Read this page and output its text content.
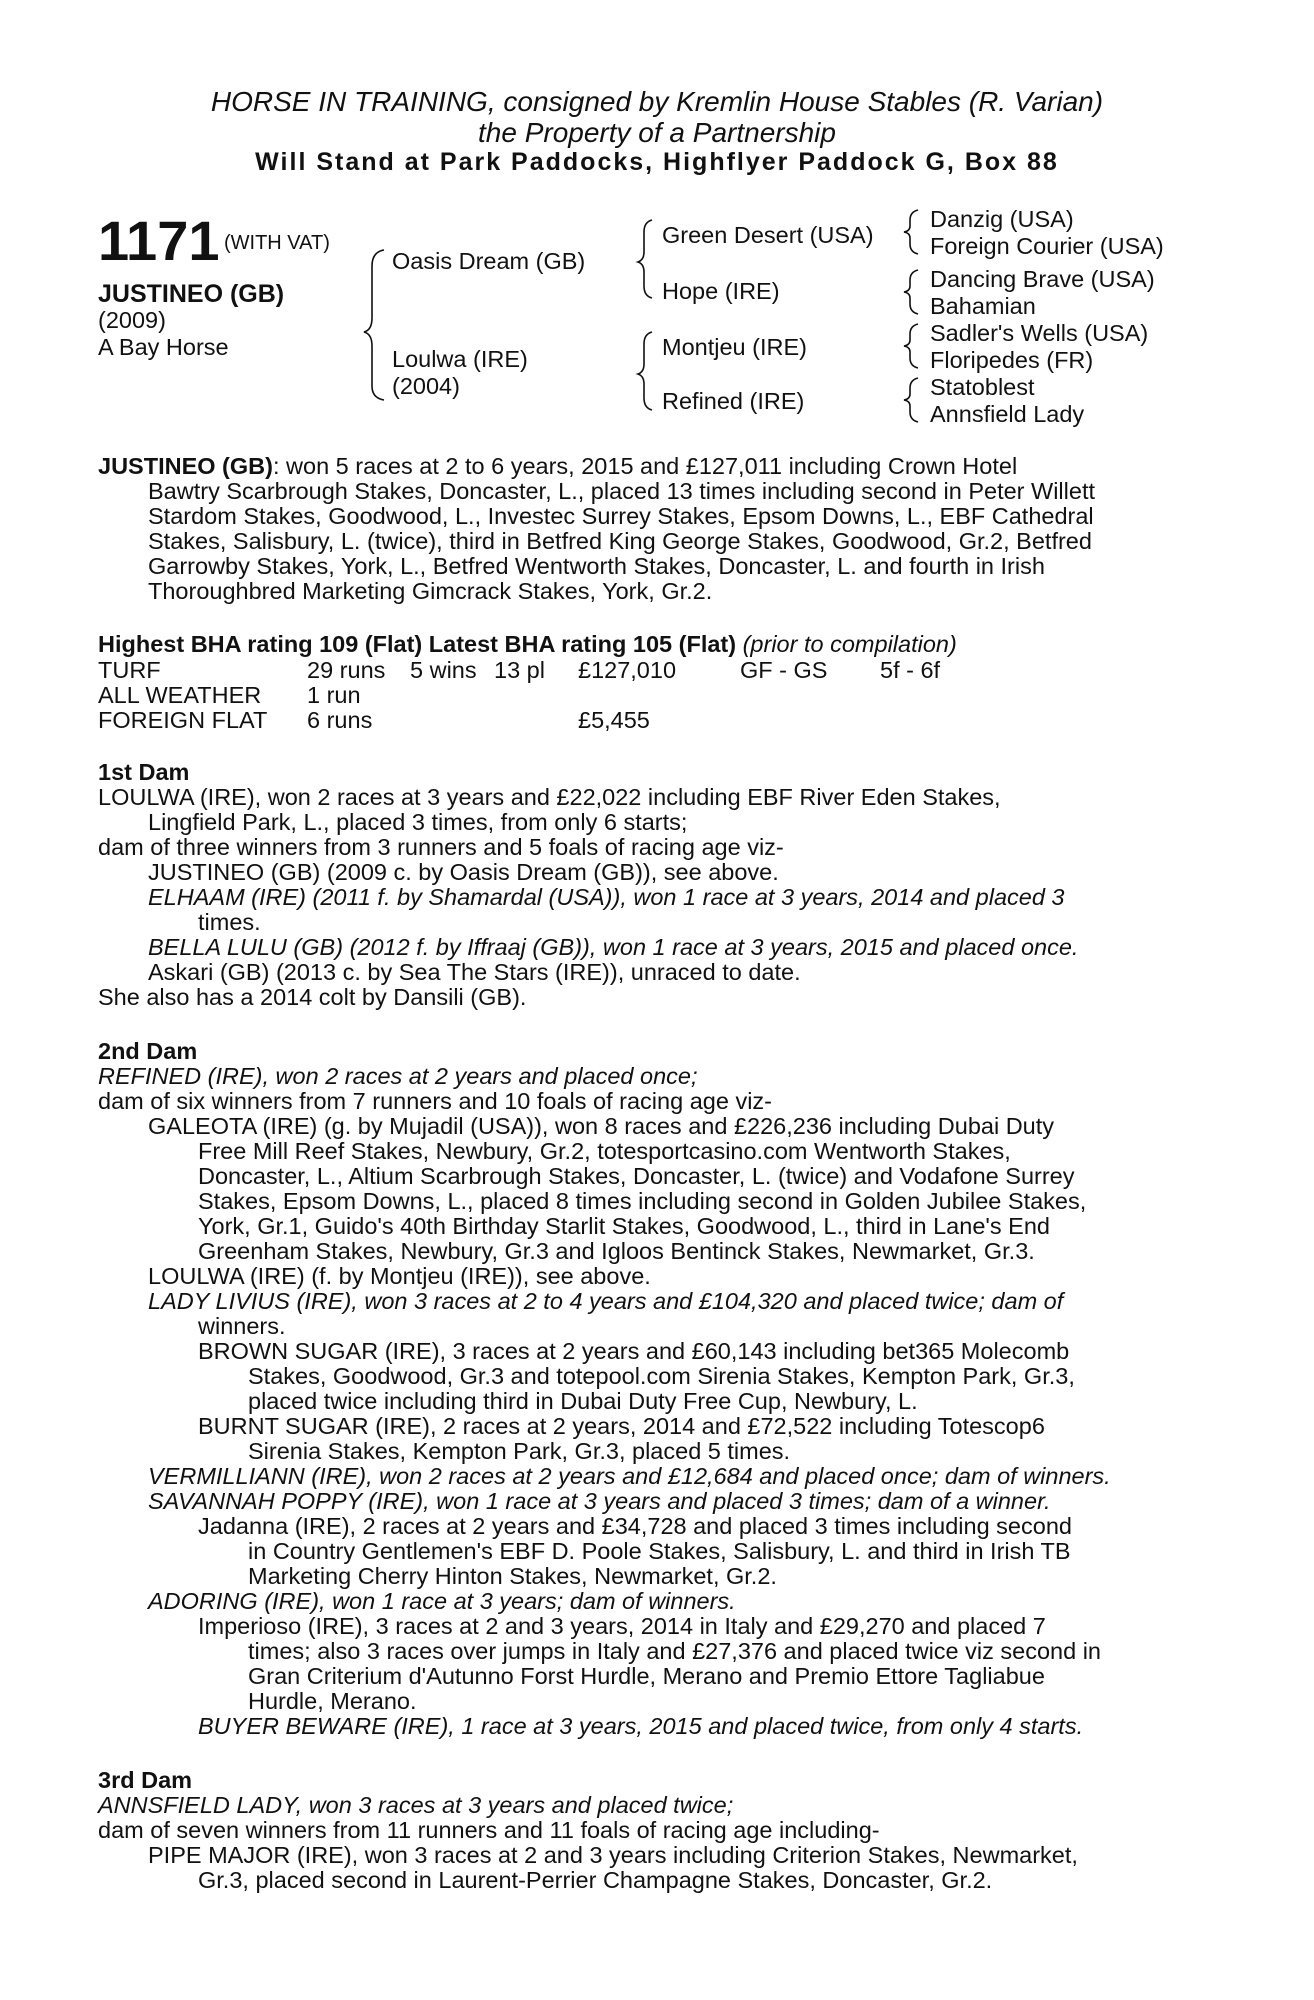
HORSE IN TRAINING, consigned by Kremlin House Stables (R. Varian)
the Property of a Partnership
Will Stand at Park Paddocks, Highflyer Paddock G, Box 88
1171 (WITH VAT)
JUSTINEO (GB)
(2009)
A Bay Horse
Oasis Dream (GB)
Loulwa (IRE)
(2004)
Green Desert (USA)
Hope (IRE)
Montjeu (IRE)
Refined (IRE)
Danzig (USA)
Foreign Courier (USA)
Dancing Brave (USA)
Bahamian
Sadler's Wells (USA)
Floripedes (FR)
Statoblest
Annsfield Lady
JUSTINEO (GB): won 5 races at 2 to 6 years, 2015 and £127,011 including Crown Hotel
Bawtry Scarbrough Stakes, Doncaster, L., placed 13 times including second in Peter Willett
Stardom Stakes, Goodwood, L., Investec Surrey Stakes, Epsom Downs, L., EBF Cathedral
Stakes, Salisbury, L. (twice), third in Betfred King George Stakes, Goodwood, Gr.2, Betfred
Garrowby Stakes, York, L., Betfred Wentworth Stakes, Doncaster, L. and fourth in Irish
Thoroughbred Marketing Gimcrack Stakes, York, Gr.2.
Highest BHA rating 109 (Flat) Latest BHA rating 105 (Flat) (prior to compilation)
TURF	29 runs 5 wins 13 pl £127,010	GF - GS 5f - 6f
ALL WEATHER 1 run
FOREIGN FLAT 6 runs	£5,455
1st Dam
LOULWA (IRE), won 2 races at 3 years and £22,022 including EBF River Eden Stakes,
Lingfield Park, L., placed 3 times, from only 6 starts;
dam of three winners from 3 runners and 5 foals of racing age viz-
JUSTINEO (GB) (2009 c. by Oasis Dream (GB)), see above.
ELHAAM (IRE) (2011 f. by Shamardal (USA)), won 1 race at 3 years, 2014 and placed 3
times.
BELLA LULU (GB) (2012 f. by Iffraaj (GB)), won 1 race at 3 years, 2015 and placed once.
Askari (GB) (2013 c. by Sea The Stars (IRE)), unraced to date.
She also has a 2014 colt by Dansili (GB).
2nd Dam
REFINED (IRE), won 2 races at 2 years and placed once;
dam of six winners from 7 runners and 10 foals of racing age viz-
GALEOTA (IRE) (g. by Mujadil (USA)), won 8 races and £226,236 including Dubai Duty
Free Mill Reef Stakes, Newbury, Gr.2, totesportcasino.com Wentworth Stakes,
Doncaster, L., Altium Scarbrough Stakes, Doncaster, L. (twice) and Vodafone Surrey
Stakes, Epsom Downs, L., placed 8 times including second in Golden Jubilee Stakes,
York, Gr.1, Guido's 40th Birthday Starlit Stakes, Goodwood, L., third in Lane's End
Greenham Stakes, Newbury, Gr.3 and Igloos Bentinck Stakes, Newmarket, Gr.3.
LOULWA (IRE) (f. by Montjeu (IRE)), see above.
LADY LIVIUS (IRE), won 3 races at 2 to 4 years and £104,320 and placed twice; dam of
winners.
BROWN SUGAR (IRE), 3 races at 2 years and £60,143 including bet365 Molecomb
Stakes, Goodwood, Gr.3 and totepool.com Sirenia Stakes, Kempton Park, Gr.3,
placed twice including third in Dubai Duty Free Cup, Newbury, L.
BURNT SUGAR (IRE), 2 races at 2 years, 2014 and £72,522 including Totescop6
Sirenia Stakes, Kempton Park, Gr.3, placed 5 times.
VERMILLIANN (IRE), won 2 races at 2 years and £12,684 and placed once; dam of winners.
SAVANNAH POPPY (IRE), won 1 race at 3 years and placed 3 times; dam of a winner.
Jadanna (IRE), 2 races at 2 years and £34,728 and placed 3 times including second
in Country Gentlemen's EBF D. Poole Stakes, Salisbury, L. and third in Irish TB
Marketing Cherry Hinton Stakes, Newmarket, Gr.2.
ADORING (IRE), won 1 race at 3 years; dam of winners.
Imperioso (IRE), 3 races at 2 and 3 years, 2014 in Italy and £29,270 and placed 7
times; also 3 races over jumps in Italy and £27,376 and placed twice viz second in
Gran Criterium d'Autunno Forst Hurdle, Merano and Premio Ettore Tagliabue
Hurdle, Merano.
BUYER BEWARE (IRE), 1 race at 3 years, 2015 and placed twice, from only 4 starts.
3rd Dam
ANNSFIELD LADY, won 3 races at 3 years and placed twice;
dam of seven winners from 11 runners and 11 foals of racing age including-
PIPE MAJOR (IRE), won 3 races at 2 and 3 years including Criterion Stakes, Newmarket,
Gr.3, placed second in Laurent-Perrier Champagne Stakes, Doncaster, Gr.2.
